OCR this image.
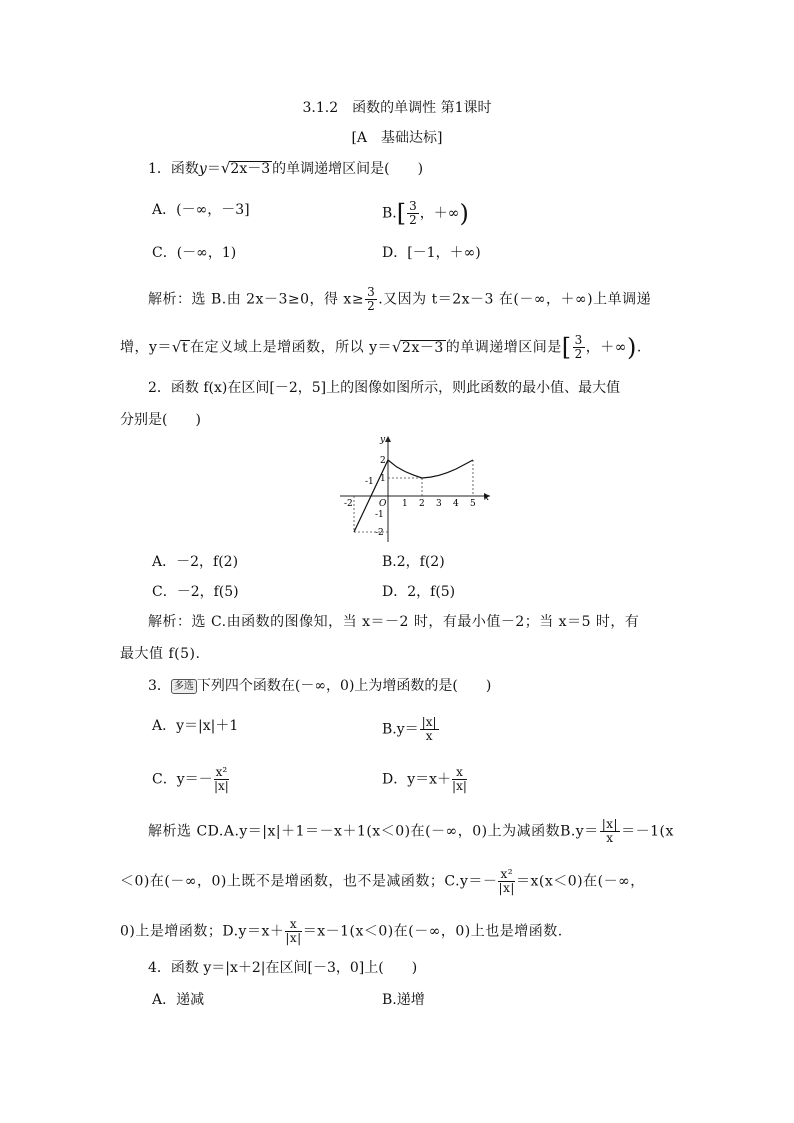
3.1.2　函数的单调性 第1课时
[A　基础达标]
1．函数y＝√2x－3 的单调递增区间是(　　)
A．(－∞，－3]	$B.[ \frac{3}{2}$ ，＋∞)
C．(－∞，1)	D．[－1，＋∞)
解析：选 B.由 2x－3≥0，得 $x\ge \frac{3}{2}$ .又因为 t＝2x－3 在(－∞，＋∞)上单调递
增，y＝√t 在定义域上是增函数，所以 y＝√2x－3 的单调递增区间是[ $\frac{3}{2}$ ，＋∞).
2．函数 f(x)在区间[－2，5]上的图像如图所示，则此函数的最小值、最大值
分别是(　　)
x
y
-2
-1
O 1 2 3 4 5
2
1
-1
-2
A．－2，f(2)	B.2，f(2)
C．－2，f(5)	D．2，f(5)
解析：选 C.由函数的图像知，当 x＝－2 时，有最小值－2；当 x＝5 时，有
最大值 f(5).
3． 多选 下列四个函数在(－∞，0)上为增函数的是(　　)
A．y＝|x|＋1	$B.y= \frac{|x|}{x}$
C．$y=- \frac{\text{x²}}{|x|}$	D．$y=x+ \frac{x}{|x|}$
解析选 CD.A.y＝|x|＋1＝－x＋1(x＜0)在(－∞，0)上为减函数$B.y= \frac{|x|}{x} =-1(x$
＜0)在(－∞，0)上既不是增函数，也不是减函数；$C.y=- \frac{\text{x²}}{|x|} =x(x<0)$在(－∞，
0)上是增函数；$D.y=x+ \frac{x}{|x|} =x-1(x<0)$在(－∞，0)上也是增函数.
4．函数 y＝|x＋2|在区间[－3，0]上(　　)
A．递减	B.递增
